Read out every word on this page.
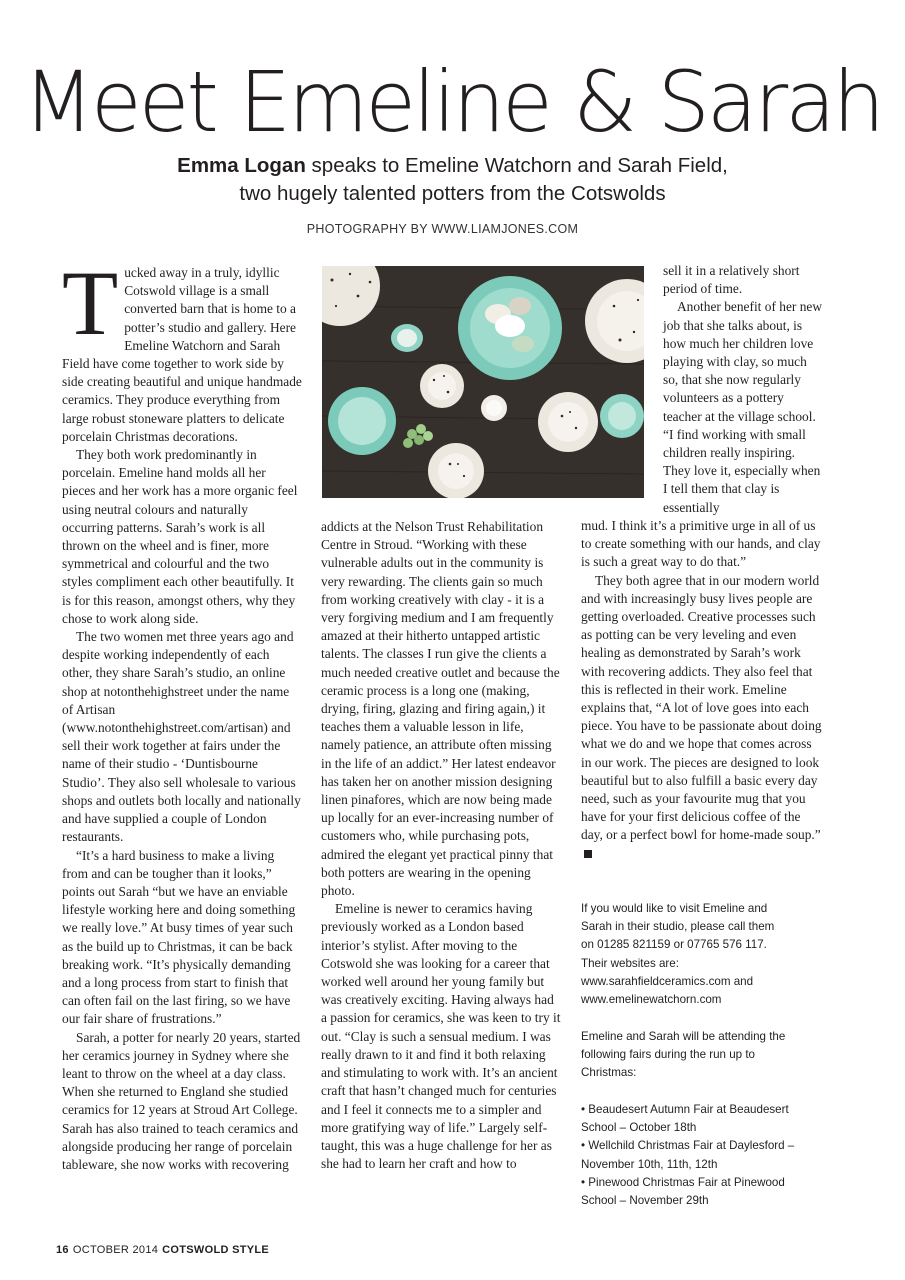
Meet Emeline & Sarah
Emma Logan speaks to Emeline Watchorn and Sarah Field,
two hugely talented potters from the Cotswolds
PHOTOGRAPHY BY WWW.LIAMJONES.COM

Tucked away in a truly, idyllic Cotswold village is a small converted barn that is home to a potter’s studio and gallery. Here Emeline Watchorn and Sarah Field have come together to work side by side creating beautiful and unique handmade ceramics. They produce everything from large robust stoneware platters to delicate porcelain Christmas decorations.

They both work predominantly in porcelain. Emeline hand molds all her pieces and her work has a more organic feel using neutral colours and naturally occurring patterns. Sarah’s work is all thrown on the wheel and is finer, more symmetrical and colourful and the two styles compliment each other beautifully. It is for this reason, amongst others, why they chose to work along side.

The two women met three years ago and despite working independently of each other, they share Sarah’s studio, an online shop at notonthehighstreet under the name of Artisan (www.notonthehighstreet.com/artisan) and sell their work together at fairs under the name of their studio - ‘Duntisbourne Studio’. They also sell wholesale to various shops and outlets both locally and nationally and have supplied a couple of London restaurants.

“It’s a hard business to make a living from and can be tougher than it looks,” points out Sarah “but we have an enviable lifestyle working here and doing something we really love.” At busy times of year such as the build up to Christmas, it can be back breaking work. “It’s physically demanding and a long process from start to finish that can often fail on the last firing, so we have our fair share of frustrations.”

Sarah, a potter for nearly 20 years, started her ceramics journey in Sydney where she leant to throw on the wheel at a day class. When she returned to England she studied ceramics for 12 years at Stroud Art College. Sarah has also trained to teach ceramics and alongside producing her range of porcelain tableware, she now works with recovering

addicts at the Nelson Trust Rehabilitation Centre in Stroud. “Working with these vulnerable adults out in the community is very rewarding. The clients gain so much from working creatively with clay - it is a very forgiving medium and I am frequently amazed at their hitherto untapped artistic talents. The classes I run give the clients a much needed creative outlet and because the ceramic process is a long one (making, drying, firing, glazing and firing again,) it teaches them a valuable lesson in life, namely patience, an attribute often missing in the life of an addict.” Her latest endeavor has taken her on another mission designing linen pinafores, which are now being made up locally for an ever-increasing number of customers who, while purchasing pots, admired the elegant yet practical pinny that both potters are wearing in the opening photo.

Emeline is newer to ceramics having previously worked as a London based interior’s stylist. After moving to the Cotswold she was looking for a career that worked well around her young family but was creatively exciting. Having always had a passion for ceramics, she was keen to try it out. “Clay is such a sensual medium. I was really drawn to it and find it both relaxing and stimulating to work with. It’s an ancient craft that hasn’t changed much for centuries and I feel it connects me to a simpler and more gratifying way of life.” Largely self-taught, this was a huge challenge for her as she had to learn her craft and how to

sell it in a relatively short period of time.

Another benefit of her new job that she talks about, is how much her children love playing with clay, so much so, that she now regularly volunteers as a pottery teacher at the village school. “I find working with small children really inspiring. They love it, especially when I tell them that clay is essentially

mud. I think it’s a primitive urge in all of us to create something with our hands, and clay is such a great way to do that.”

They both agree that in our modern world and with increasingly busy lives people are getting overloaded. Creative processes such as potting can be very leveling and even healing as demonstrated by Sarah’s work with recovering addicts. They also feel that this is reflected in their work. Emeline explains that, “A lot of love goes into each piece. You have to be passionate about doing what we do and we hope that comes across in our work. The pieces are designed to look beautiful but to also fulfill a basic every day need, such as your favourite mug that you have for your first delicious coffee of the day, or a perfect bowl for home-made soup.”

If you would like to visit Emeline and
Sarah in their studio, please call them
on 01285 821159 or 07765 576 117.
Their websites are:
www.sarahfieldceramics.com and
www.emelinewatchorn.com
Emeline and Sarah will be attending the
following fairs during the run up to
Christmas:
• Beaudesert Autumn Fair at Beaudesert
School – October 18th
• Wellchild Christmas Fair at Daylesford –
November 10th, 11th, 12th
• Pinewood Christmas Fair at Pinewood
School – November 29th
16 OCTOBER 2014 COTSWOLD STYLE
